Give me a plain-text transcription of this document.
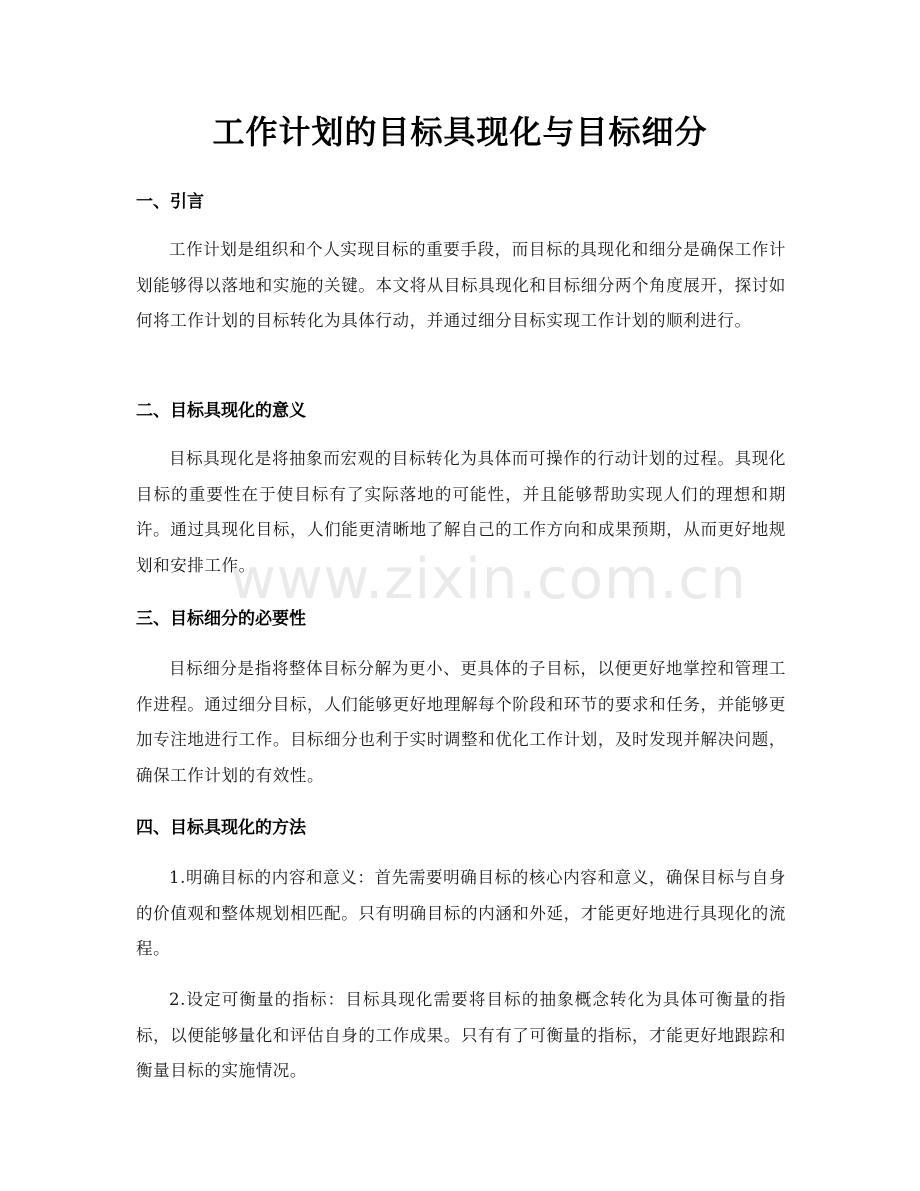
工作计划的目标具现化与目标细分
一、引言

工作计划是组织和个人实现目标的重要手段，而目标的具现化和细分是确保工作计划能够得以落地和实施的关键。本文将从目标具现化和目标细分两个角度展开，探讨如何将工作计划的目标转化为具体行动，并通过细分目标实现工作计划的顺利进行。

二、目标具现化的意义

目标具现化是将抽象而宏观的目标转化为具体而可操作的行动计划的过程。具现化目标的重要性在于使目标有了实际落地的可能性，并且能够帮助实现人们的理想和期许。通过具现化目标，人们能更清晰地了解自己的工作方向和成果预期，从而更好地规划和安排工作。

三、目标细分的必要性

目标细分是指将整体目标分解为更小、更具体的子目标，以便更好地掌控和管理工作进程。通过细分目标，人们能够更好地理解每个阶段和环节的要求和任务，并能够更加专注地进行工作。目标细分也利于实时调整和优化工作计划，及时发现并解决问题，确保工作计划的有效性。

四、目标具现化的方法

1.明确目标的内容和意义：首先需要明确目标的核心内容和意义，确保目标与自身的价值观和整体规划相匹配。只有明确目标的内涵和外延，才能更好地进行具现化的流程。

2.设定可衡量的指标：目标具现化需要将目标的抽象概念转化为具体可衡量的指标，以便能够量化和评估自身的工作成果。只有有了可衡量的指标，才能更好地跟踪和衡量目标的实施情况。

www.zixin.com.cn
